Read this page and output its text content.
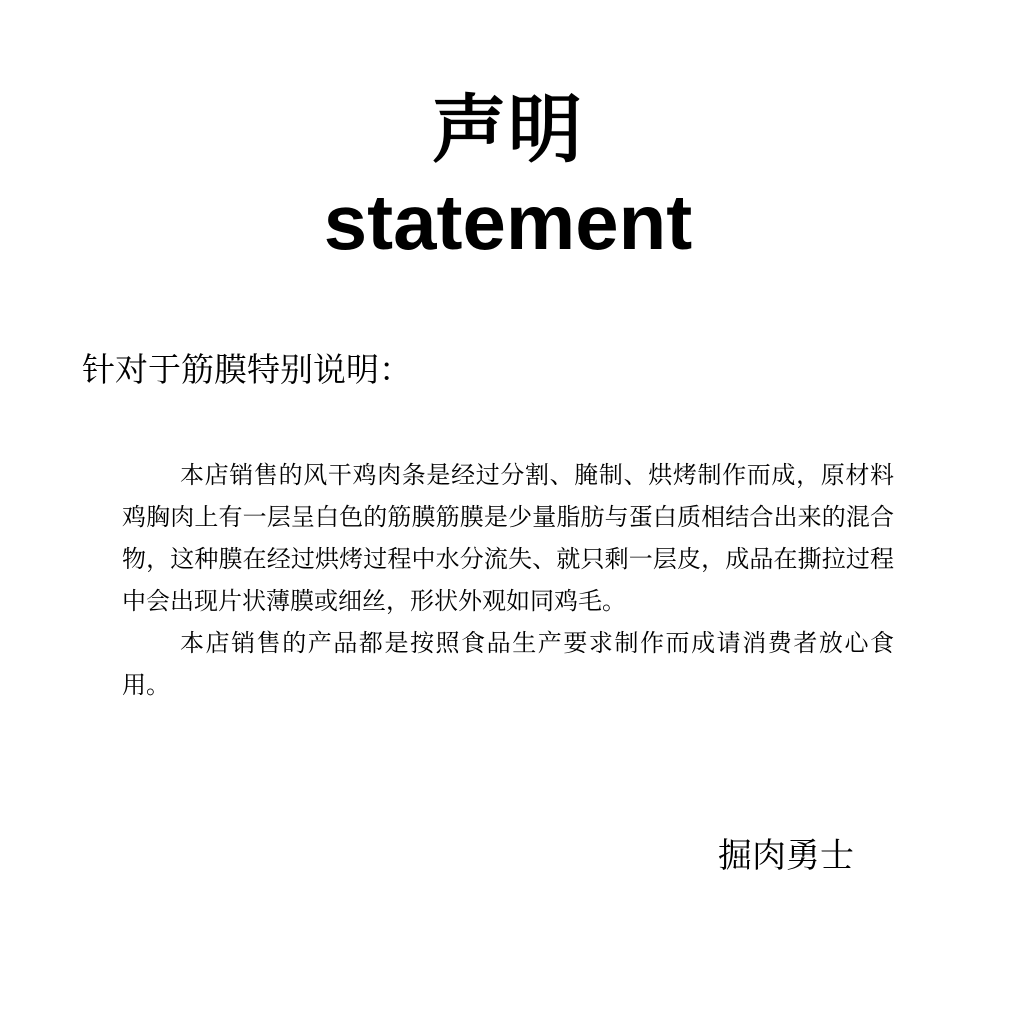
声明
statement
针对于筋膜特别说明：

本店销售的风干鸡肉条是经过分割、腌制、烘烤制作而成，原材料鸡胸肉上有一层呈白色的筋膜筋膜是少量脂肪与蛋白质相结合出来的混合物，这种膜在经过烘烤过程中水分流失、就只剩一层皮，成品在撕拉过程中会出现片状薄膜或细丝，形状外观如同鸡毛。

本店销售的产品都是按照食品生产要求制作而成请消费者放心食用。

掘肉勇士
